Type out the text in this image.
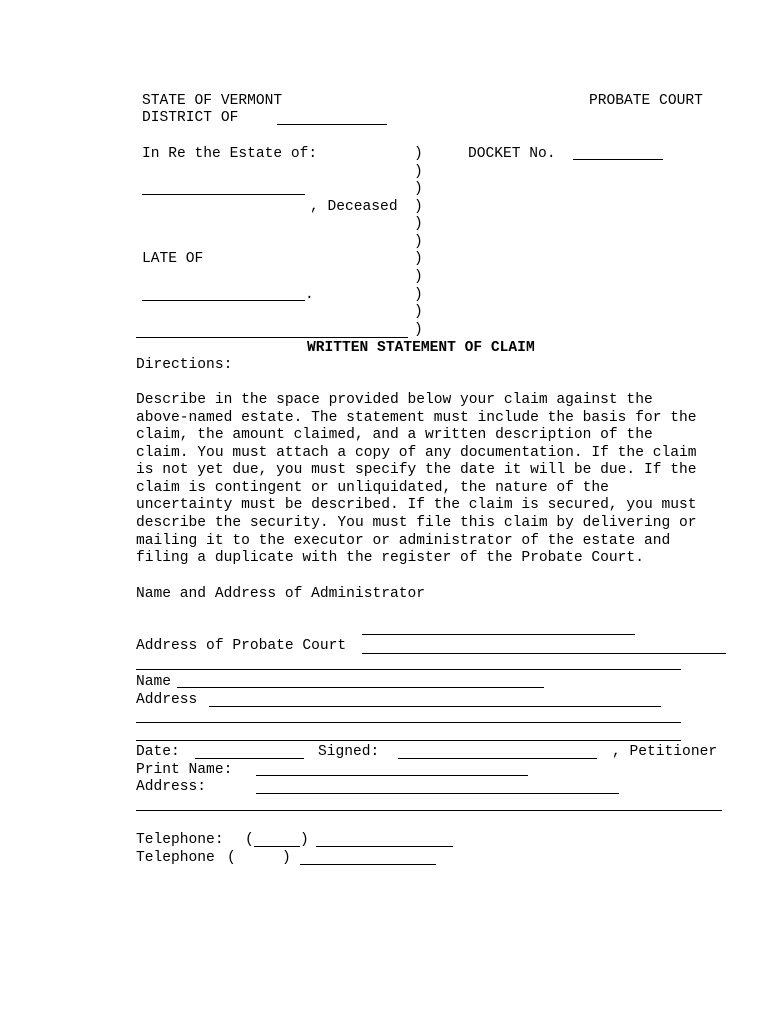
STATE OF VERMONT	PROBATE COURT
DISTRICT OF
In Re the Estate of:	DOCKET No.
, Deceased
LATE OF
.
)
)
)
)
)
)
)
)
)
)
)
WRITTEN STATEMENT OF CLAIM
Directions:
Describe in the space provided below your claim against the
above-named estate. The statement must include the basis for the
claim, the amount claimed, and a written description of the
claim. You must attach a copy of any documentation. If the claim
is not yet due, you must specify the date it will be due. If the
claim is contingent or unliquidated, the nature of the
uncertainty must be described. If the claim is secured, you must
describe the security. You must file this claim by delivering or
mailing it to the executor or administrator of the estate and
filing a duplicate with the register of the Probate Court.
Name and Address of Administrator
Address of Probate Court
Name
Address
Date:	Signed:	, Petitioner
Print Name:
Address:
Telephone: (	)
Telephone (	)
